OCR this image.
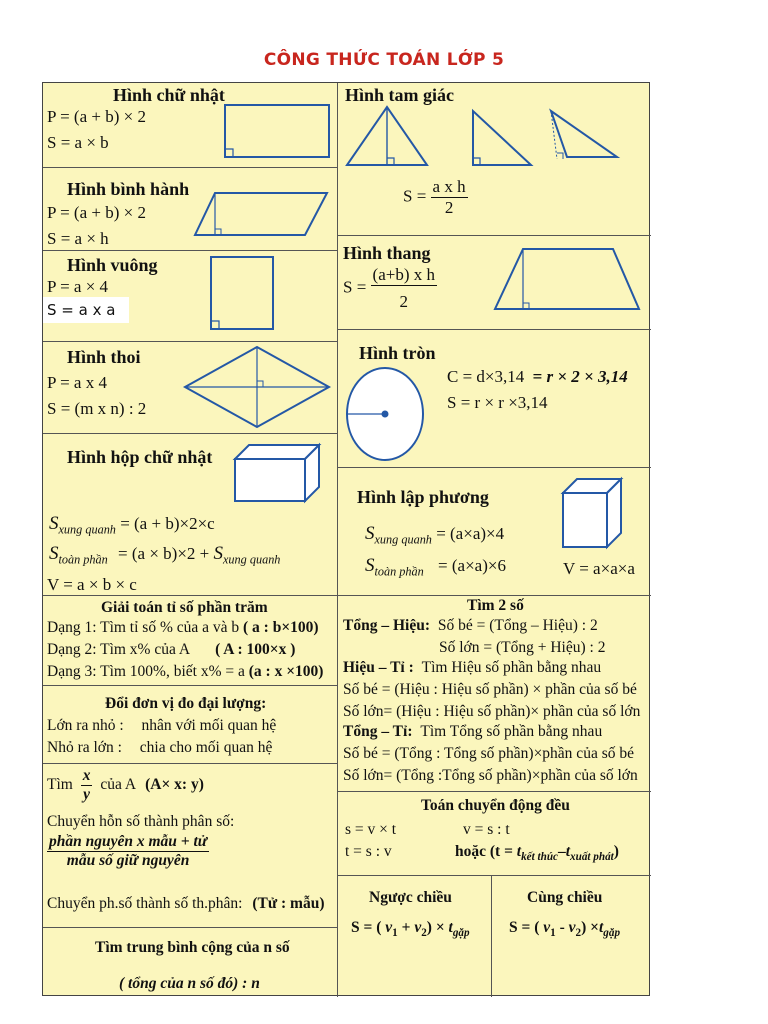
CÔNG THỨC TOÁN LỚP 5
Hình chữ nhật
P = (a + b) × 2
S = a × b
Hình tam giác
$S = \frac{\text{a x h}}{2}$
Hình bình hành
P = (a + b) × 2
S = a × h
Hình vuông
P = a × 4
S = a x a
Hình thang
$S = \frac{\text{(a+b) x h}}{2}$
Hình thoi
P = a x 4
S = (m x n) : 2
Hình tròn
C = d×3,14 = r × 2 × 3,14
S = r × r ×3,14
Hình hộp chữ nhật
$S_{xung quanh} = (a + b)\times 2\times c$
$S_{toàn phần} = (a \times b)\times 2 + S_{xung quanh}$
V = a × b × c
Hình lập phương
$S_{xung quanh} = (a\times a)\times 4$
$S_{toàn phần} = (a\times a)\times 6$	V = a×a×a
Giải toán tỉ số phần trăm
Dạng 1: Tìm tỉ số % của a và b ( a : b×100)
Dạng 2: Tìm x% của A ( A : 100×x )
Dạng 3: Tìm 100%, biết x% = a (a : x ×100)
Đổi đơn vị đo đại lượng:
Lớn ra nhỏ : nhân với mối quan hệ
Nhỏ ra lớn : chia cho mối quan hệ
Tìm $\frac{x}{y}$ của A (A× x: y)
Chuyển hỗn số thành phân số:
$\frac{\text{phần nguyên x mẫu + tử}}{\text{mẫu số giữ nguyên}}$
Chuyển ph.số thành số th.phân: (Tử : mẫu)
Tìm trung bình cộng của n số
( tổng của n số đó) : n
Tìm 2 số
Tổng – Hiệu: Số bé = (Tổng – Hiệu) : 2
Số lớn = (Tổng + Hiệu) : 2
Hiệu – Tỉ : Tìm Hiệu số phần bằng nhau
Số bé = (Hiệu : Hiệu số phần) × phần của số bé
Số lớn= (Hiệu : Hiệu số phần)× phần của số lớn
Tổng – Tỉ: Tìm Tổng số phần bằng nhau
Số bé = (Tổng : Tổng số phần)×phần của số bé
Số lớn= (Tổng :Tổng số phần)×phần của số lớn
Toán chuyển động đều
s = v × t	v = s : t
t = s : v	hoặc $(t = t_{kết thúc}-t_{xuất phát})$
Ngược chiều
S = ( $v_1 + v_2) \times t_{gặp}$
Cùng chiều
S = ( $v_1 - v_2) \times t_{gặp}$
